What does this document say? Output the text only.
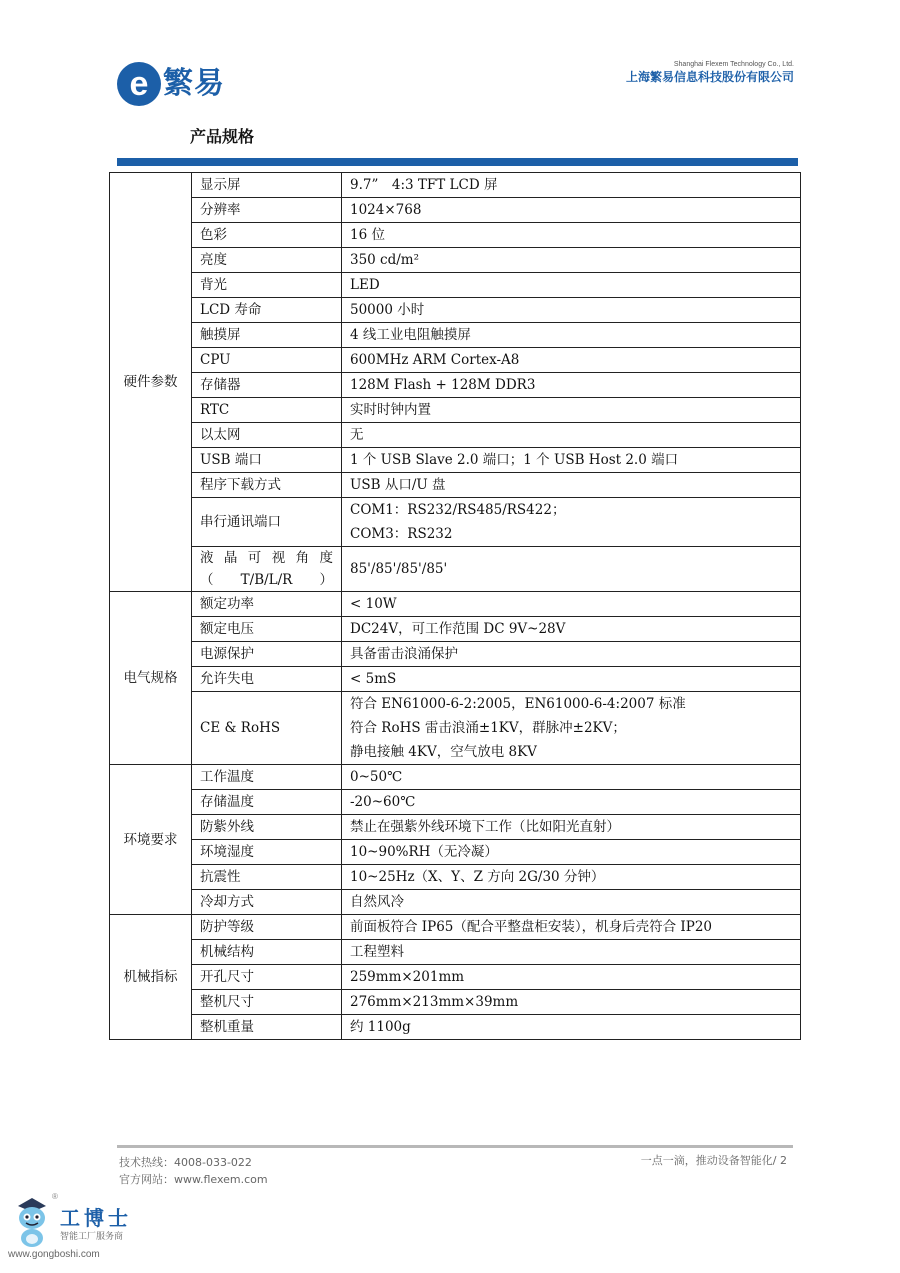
e 繁易
Shanghai Flexem Technology Co., Ltd.
上海繁易信息科技股份有限公司
产品规格
硬件参数	显示屏	9.7”　4:3 TFT LCD 屏
	分辨率	1024×768
	色彩	16 位
	亮度	350 cd/m²
	背光	LED
	LCD 寿命	50000 小时
	触摸屏	4 线工业电阻触摸屏
	CPU	600MHz ARM Cortex-A8
	存储器	128M Flash + 128M DDR3
	RTC	实时时钟内置
	以太网	无
	USB 端口	1 个 USB Slave 2.0 端口；1 个 USB Host 2.0 端口
	程序下载方式	USB 从口/U 盘
	串行通讯端口	COM1：RS232/RS485/RS422；
COM3：RS232
	液 晶 可 视 角 度 （T/B/L/R）	85'/85'/85'/85'
电气规格	额定功率	< 10W
	额定电压	DC24V，可工作范围 DC 9V~28V
	电源保护	具备雷击浪涌保护
	允许失电	< 5mS
	CE & RoHS	符合 EN61000-6-2:2005，EN61000-6-4:2007 标准
符合 RoHS 雷击浪涌±1KV，群脉冲±2KV；
静电接触 4KV，空气放电 8KV
环境要求	工作温度	0~50℃
	存储温度	-20~60℃
	防紫外线	禁止在强紫外线环境下工作（比如阳光直射）
	环境湿度	10~90%RH（无冷凝）
	抗震性	10~25Hz（X、Y、Z 方向 2G/30 分钟）
	冷却方式	自然风冷
机械指标	防护等级	前面板符合 IP65（配合平整盘柜安装），机身后壳符合 IP20
	机械结构	工程塑料
	开孔尺寸	259mm×201mm
	整机尺寸	276mm×213mm×39mm
	整机重量	约 1100g
技术热线：4008-033-022
官方网站：www.flexem.com
一点一滴，推动设备智能化/ 2
®
工博士
智能工厂服务商
www.gongboshi.com
